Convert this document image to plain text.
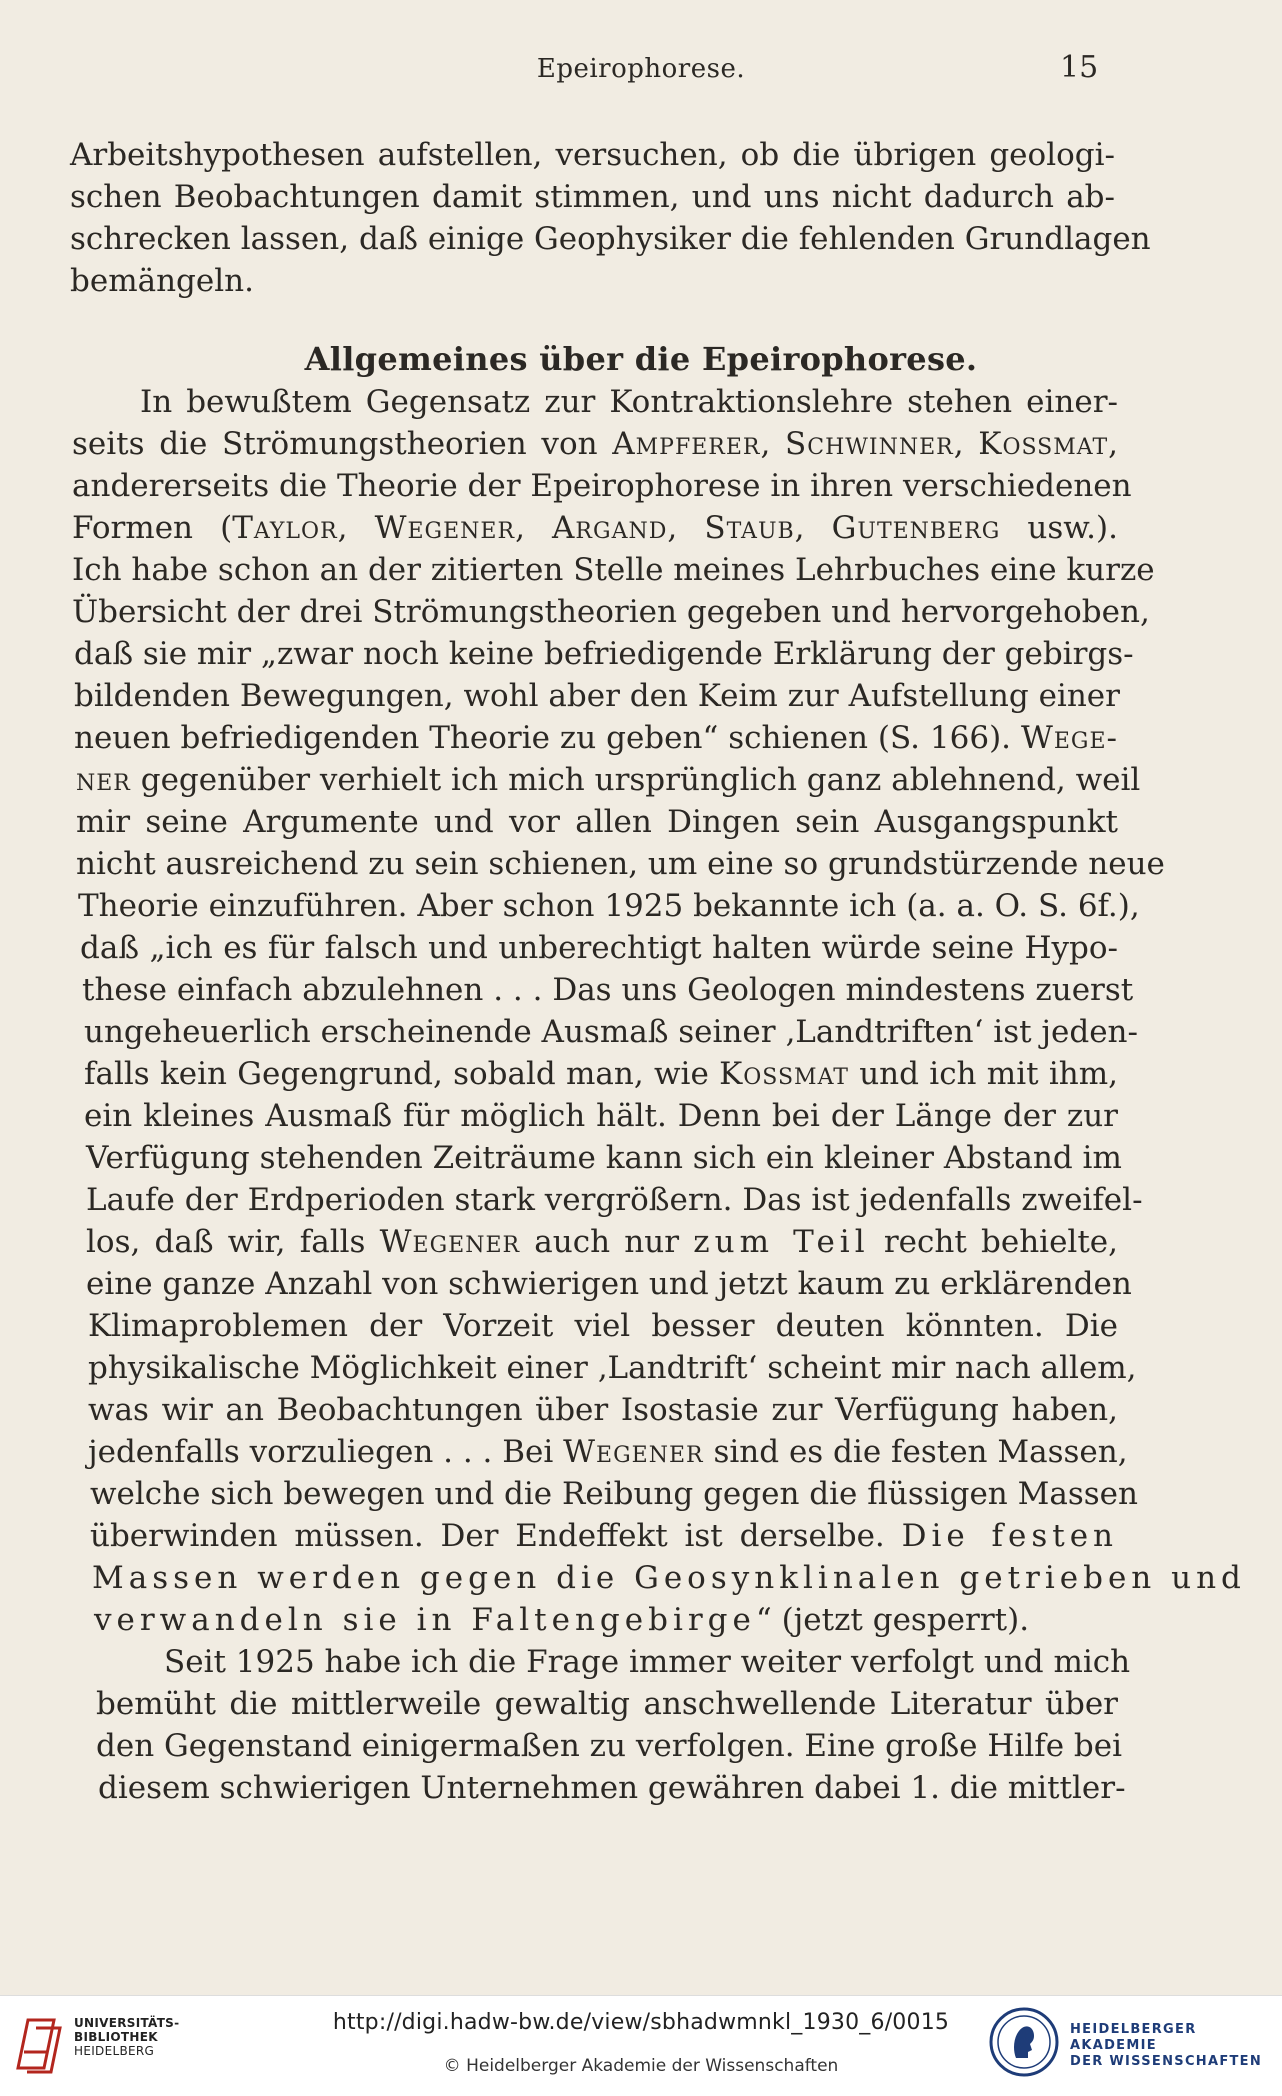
Epeirophorese.	15
Arbeitshypothesen aufstellen, versuchen, ob die übrigen geologi-
schen Beobachtungen damit stimmen, und uns nicht dadurch ab-
schrecken lassen, daß einige Geophysiker die fehlenden Grundlagen
bemängeln.
Allgemeines über die Epeirophorese.
In bewußtem Gegensatz zur Kontraktionslehre stehen einer-
seits die Strömungstheorien von Ampferer, Schwinner, Kossmat,
andererseits die Theorie der Epeirophorese in ihren verschiedenen
Formen (Taylor, Wegener, Argand, Staub, Gutenberg usw.).
Ich habe schon an der zitierten Stelle meines Lehrbuches eine kurze
Übersicht der drei Strömungstheorien gegeben und hervorgehoben,
daß sie mir „zwar noch keine befriedigende Erklärung der gebirgs-
bildenden Bewegungen, wohl aber den Keim zur Aufstellung einer
neuen befriedigenden Theorie zu geben“ schienen (S. 166). Wege-
ner gegenüber verhielt ich mich ursprünglich ganz ablehnend, weil
mir seine Argumente und vor allen Dingen sein Ausgangspunkt
nicht ausreichend zu sein schienen, um eine so grundstürzende neue
Theorie einzuführen. Aber schon 1925 bekannte ich (a. a. O. S. 6f.),
daß „ich es für falsch und unberechtigt halten würde seine Hypo-
these einfach abzulehnen . . . Das uns Geologen mindestens zuerst
ungeheuerlich erscheinende Ausmaß seiner ‚Landtriften‘ ist jeden-
falls kein Gegengrund, sobald man, wie Kossmat und ich mit ihm,
ein kleines Ausmaß für möglich hält. Denn bei der Länge der zur
Verfügung stehenden Zeiträume kann sich ein kleiner Abstand im
Laufe der Erdperioden stark vergrößern. Das ist jedenfalls zweifel-
los, daß wir, falls Wegener auch nur zum Teil recht behielte,
eine ganze Anzahl von schwierigen und jetzt kaum zu erklärenden
Klimaproblemen der Vorzeit viel besser deuten könnten. Die
physikalische Möglichkeit einer ‚Landtrift‘ scheint mir nach allem,
was wir an Beobachtungen über Isostasie zur Verfügung haben,
jedenfalls vorzuliegen . . . Bei Wegener sind es die festen Massen,
welche sich bewegen und die Reibung gegen die flüssigen Massen
überwinden müssen. Der Endeffekt ist derselbe. Die festen
Massen werden gegen die Geosynklinalen getrieben und
verwandeln sie in Faltengebirge“ (jetzt gesperrt).
Seit 1925 habe ich die Frage immer weiter verfolgt und mich
bemüht die mittlerweile gewaltig anschwellende Literatur über
den Gegenstand einigermaßen zu verfolgen. Eine große Hilfe bei
diesem schwierigen Unternehmen gewähren dabei 1. die mittler-
UNIVERSITÄTS-
BIBLIOTHEK
HEIDELBERG
http://digi.hadw-bw.de/view/sbhadwmnkl_1930_6/0015
© Heidelberger Akademie der Wissenschaften
HEIDELBERGER AKADEMIE
DER WISSENSCHAFTEN
